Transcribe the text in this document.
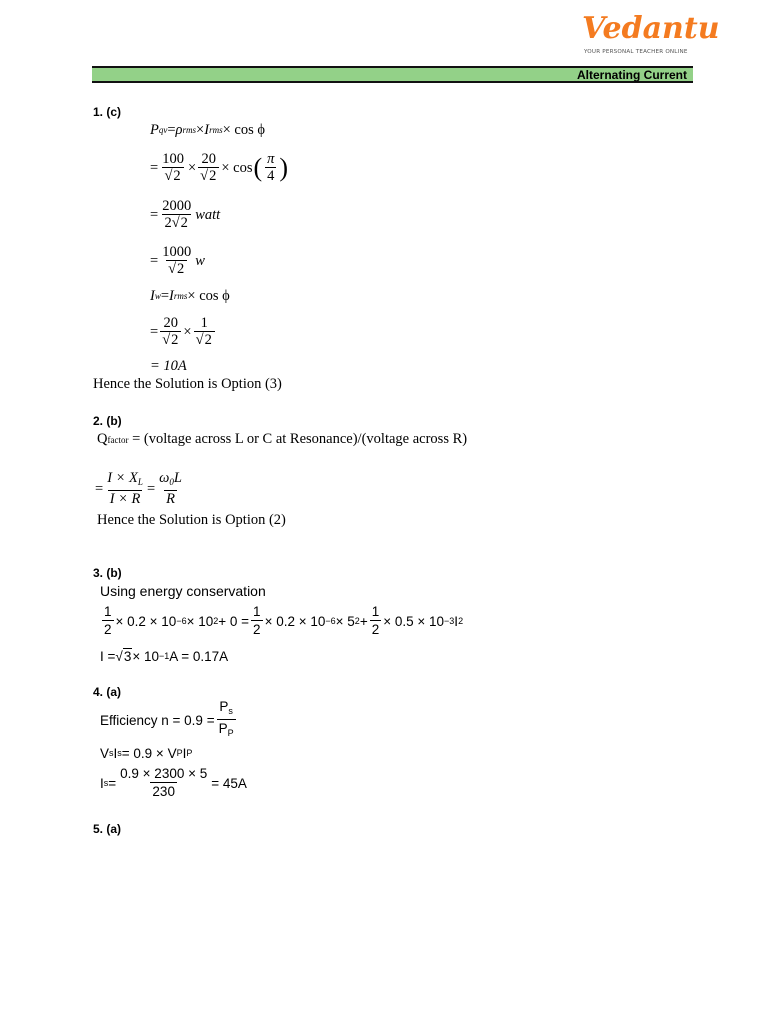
Vedantu
YOUR PERSONAL TEACHER ONLINE
Alternating Current
1. (c)
P qv = ρ rms × I rms × cos ϕ
= $\frac{100}{√2} \times \frac{20}{√2} \times \cos$ ( $\frac{\pi}{4}$ )
= $\frac{2000}{2√2}$ watt
= $\frac{1000}{√2}$ w
I w = I rms × cos ϕ
= $\frac{20}{√2} \times \frac{1}{√2}$
= 10A
Hence the Solution is Option (3)
2. (b)
Qfactor = (voltage across L or C at Resonance)/(voltage across R)
= $\frac{I \times X_L}{I \times R} = \frac{\omega_0L}{R}$
Hence the Solution is Option (2)
3. (b)
Using energy conservation
$\frac{1}{2} \times 0.2 \times 10 -6 \times 10$ $2 + 0 = \frac{1}{2} \times 0.2 \times 10 -6 \times 5$ $2 + \frac{1}{2} \times 0.5 \times 10 -3$ I 2
I = √ 3 × 10 −1 A = 0.17A
4. (a)
Efficiency $n = 0.9 = \frac{P_s}{P_P}$
V s I s = 0.9 × V P I P
I $s = \frac{0.9 \times 2300 \times 5}{230} = 45A$
5. (a)
